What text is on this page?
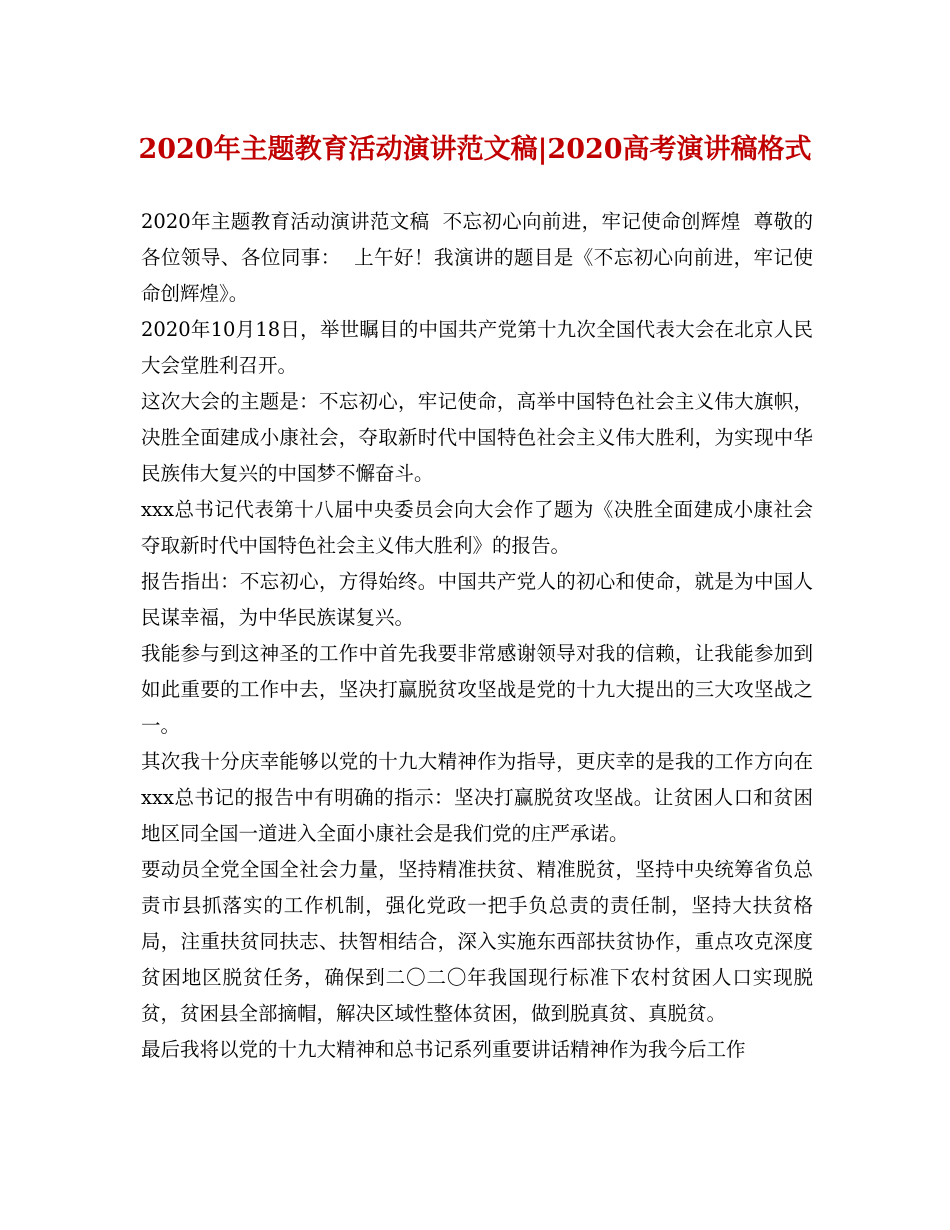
2020年主题教育活动演讲范文稿|2020高考演讲稿格式

2020年主题教育活动演讲范文稿  不忘初心向前进，牢记使命创辉煌  尊敬的各位领导、各位同事：  上午好！我演讲的题目是《不忘初心向前进，牢记使命创辉煌》。

2020年10月18日，举世瞩目的中国共产党第十九次全国代表大会在北京人民大会堂胜利召开。

这次大会的主题是：不忘初心，牢记使命，高举中国特色社会主义伟大旗帜，决胜全面建成小康社会，夺取新时代中国特色社会主义伟大胜利，为实现中华民族伟大复兴的中国梦不懈奋斗。

xxx总书记代表第十八届中央委员会向大会作了题为《决胜全面建成小康社会  夺取新时代中国特色社会主义伟大胜利》的报告。

报告指出：不忘初心，方得始终。中国共产党人的初心和使命，就是为中国人民谋幸福，为中华民族谋复兴。

我能参与到这神圣的工作中首先我要非常感谢领导对我的信赖，让我能参加到如此重要的工作中去，坚决打赢脱贫攻坚战是党的十九大提出的三大攻坚战之一。

其次我十分庆幸能够以党的十九大精神作为指导，更庆幸的是我的工作方向在xxx总书记的报告中有明确的指示：坚决打赢脱贫攻坚战。让贫困人口和贫困地区同全国一道进入全面小康社会是我们党的庄严承诺。

要动员全党全国全社会力量，坚持精准扶贫、精准脱贫，坚持中央统筹省负总责市县抓落实的工作机制，强化党政一把手负总责的责任制，坚持大扶贫格局，注重扶贫同扶志、扶智相结合，深入实施东西部扶贫协作，重点攻克深度贫困地区脱贫任务，确保到二〇二〇年我国现行标准下农村贫困人口实现脱贫，贫困县全部摘帽，解决区域性整体贫困，做到脱真贫、真脱贫。

最后我将以党的十九大精神和总书记系列重要讲话精神作为我今后工作
